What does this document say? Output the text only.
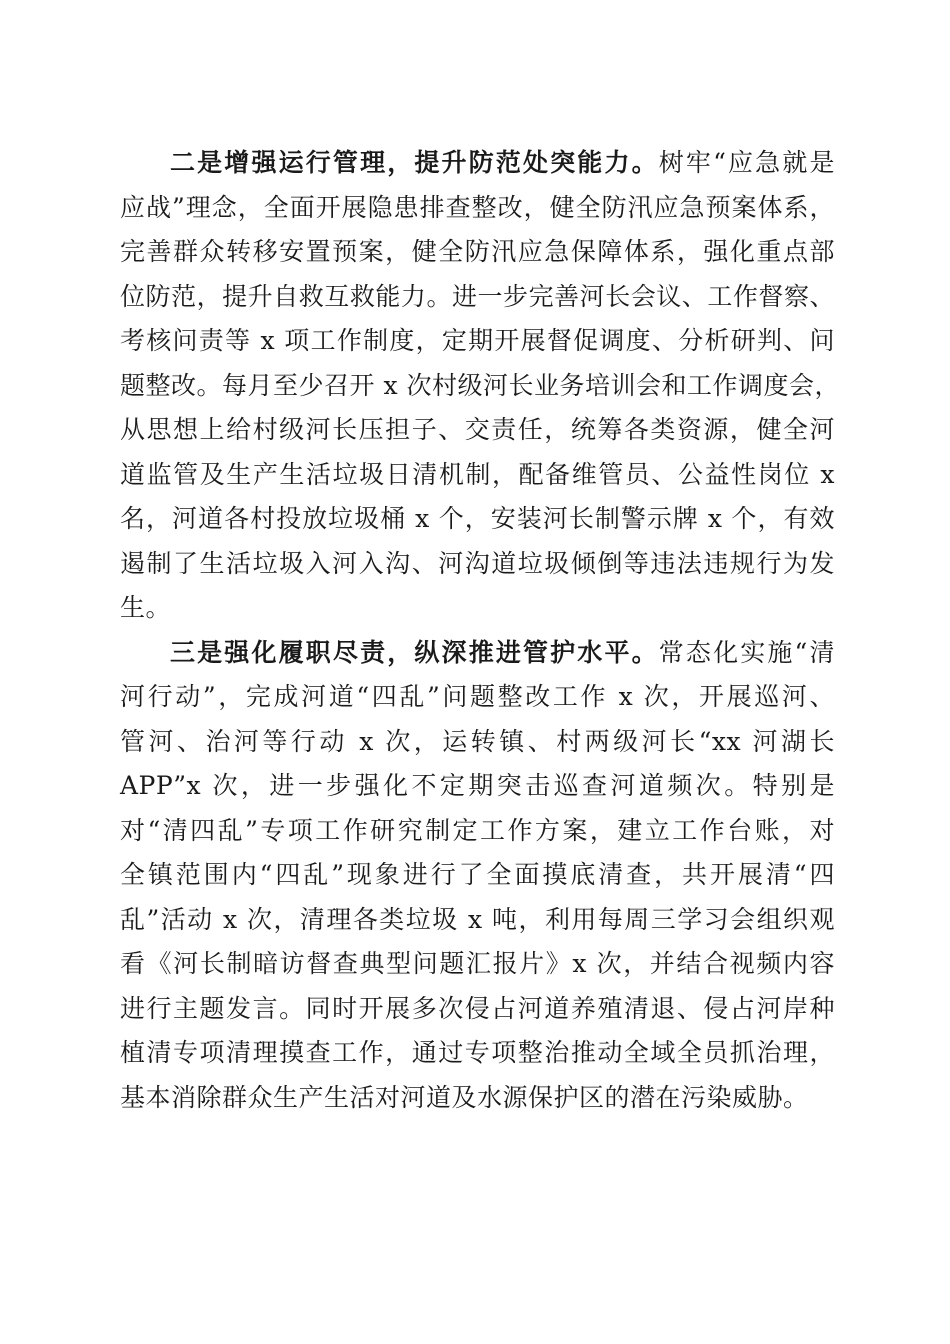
二是增强运行管理，提升防范处突能力。树牢“应急就是
应战”理念，全面开展隐患排查整改，健全防汛应急预案体系，
完善群众转移安置预案，健全防汛应急保障体系，强化重点部
位防范，提升自救互救能力。进一步完善河长会议、工作督察、
考核问责等 x 项工作制度，定期开展督促调度、分析研判、问
题整改。每月至少召开 x 次村级河长业务培训会和工作调度会，
从思想上给村级河长压担子、交责任，统筹各类资源，健全河
道监管及生产生活垃圾日清机制，配备维管员、公益性岗位 x
名，河道各村投放垃圾桶 x 个，安装河长制警示牌 x 个，有效
遏制了生活垃圾入河入沟、河沟道垃圾倾倒等违法违规行为发
生。
三是强化履职尽责，纵深推进管护水平。常态化实施“清
河行动”，完成河道“四乱”问题整改工作 x 次，开展巡河、
管河、治河等行动 x 次，运转镇、村两级河长“xx 河湖长
APP”x 次，进一步强化不定期突击巡查河道频次。特别是
对“清四乱”专项工作研究制定工作方案，建立工作台账，对
全镇范围内“四乱”现象进行了全面摸底清查，共开展清“四
乱”活动 x 次，清理各类垃圾 x 吨，利用每周三学习会组织观
看《河长制暗访督查典型问题汇报片》x 次，并结合视频内容
进行主题发言。同时开展多次侵占河道养殖清退、侵占河岸种
植清专项清理摸查工作，通过专项整治推动全域全员抓治理，
基本消除群众生产生活对河道及水源保护区的潜在污染威胁。
